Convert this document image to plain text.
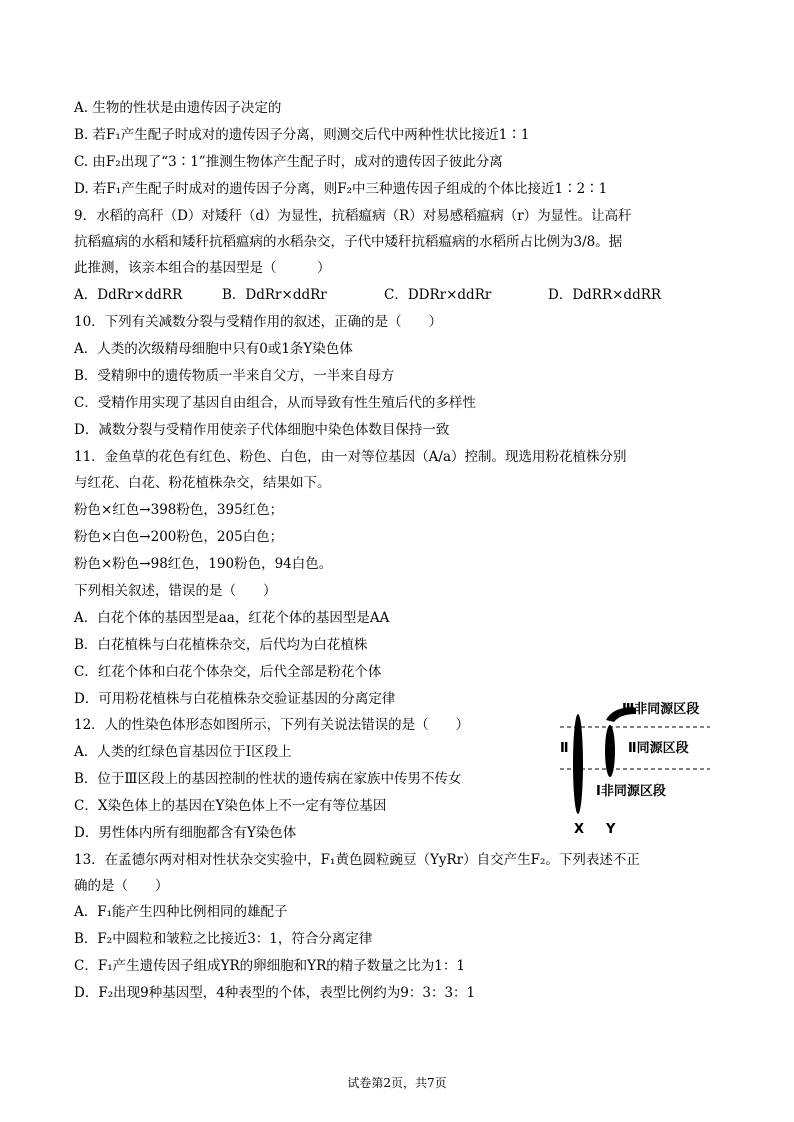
A. 生物的性状是由遗传因子决定的
B. 若F₁产生配子时成对的遗传因子分离，则测交后代中两种性状比接近1∶1
C. 由F₂出现了“3∶1”推测生物体产生配子时，成对的遗传因子彼此分离
D. 若F₁产生配子时成对的遗传因子分离，则F₂中三种遗传因子组成的个体比接近1∶2∶1
9．水稻的高秆（D）对矮秆（d）为显性，抗稻瘟病（R）对易感稻瘟病（r）为显性。让高秆
抗稻瘟病的水稻和矮秆抗稻瘟病的水稻杂交，子代中矮秆抗稻瘟病的水稻所占比例为3/8。据
此推测，该亲本组合的基因型是（　　　）
A．DdRr×ddRR	B．DdRr×ddRr	C．DDRr×ddRr	D．DdRR×ddRR
10．下列有关减数分裂与受精作用的叙述，正确的是（　　）
A．人类的次级精母细胞中只有0或1条Y染色体
B．受精卵中的遗传物质一半来自父方，一半来自母方
C．受精作用实现了基因自由组合，从而导致有性生殖后代的多样性
D．减数分裂与受精作用使亲子代体细胞中染色体数目保持一致
11．金鱼草的花色有红色、粉色、白色，由一对等位基因（A/a）控制。现选用粉花植株分别
与红花、白花、粉花植株杂交，结果如下。
粉色×红色→398粉色，395红色；
粉色×白色→200粉色，205白色；
粉色×粉色→98红色，190粉色，94白色。
下列相关叙述，错误的是（　　）
A．白花个体的基因型是aa，红花个体的基因型是AA
B．白花植株与白花植株杂交，后代均为白花植株
C．红花个体和白花个体杂交，后代全部是粉花个体
D．可用粉花植株与白花植株杂交验证基因的分离定律
12．人的性染色体形态如图所示，下列有关说法错误的是（　　）
A．人类的红绿色盲基因位于Ⅰ区段上
B．位于Ⅲ区段上的基因控制的性状的遗传病在家族中传男不传女
C．X染色体上的基因在Y染色体上不一定有等位基因
D．男性体内所有细胞都含有Y染色体
Ⅲ非同源区段
Ⅱ	Ⅱ同源区段
Ⅰ非同源区段
X Y
13．在孟德尔两对相对性状杂交实验中，F₁黄色圆粒豌豆（YyRr）自交产生F₂。下列表述不正
确的是（　　）
A．F₁能产生四种比例相同的雄配子
B．F₂中圆粒和皱粒之比接近3：1，符合分离定律
C．F₁产生遗传因子组成YR的卵细胞和YR的精子数量之比为1：1
D．F₂出现9种基因型，4种表型的个体，表型比例约为9：3：3：1
试卷第2页，共7页
